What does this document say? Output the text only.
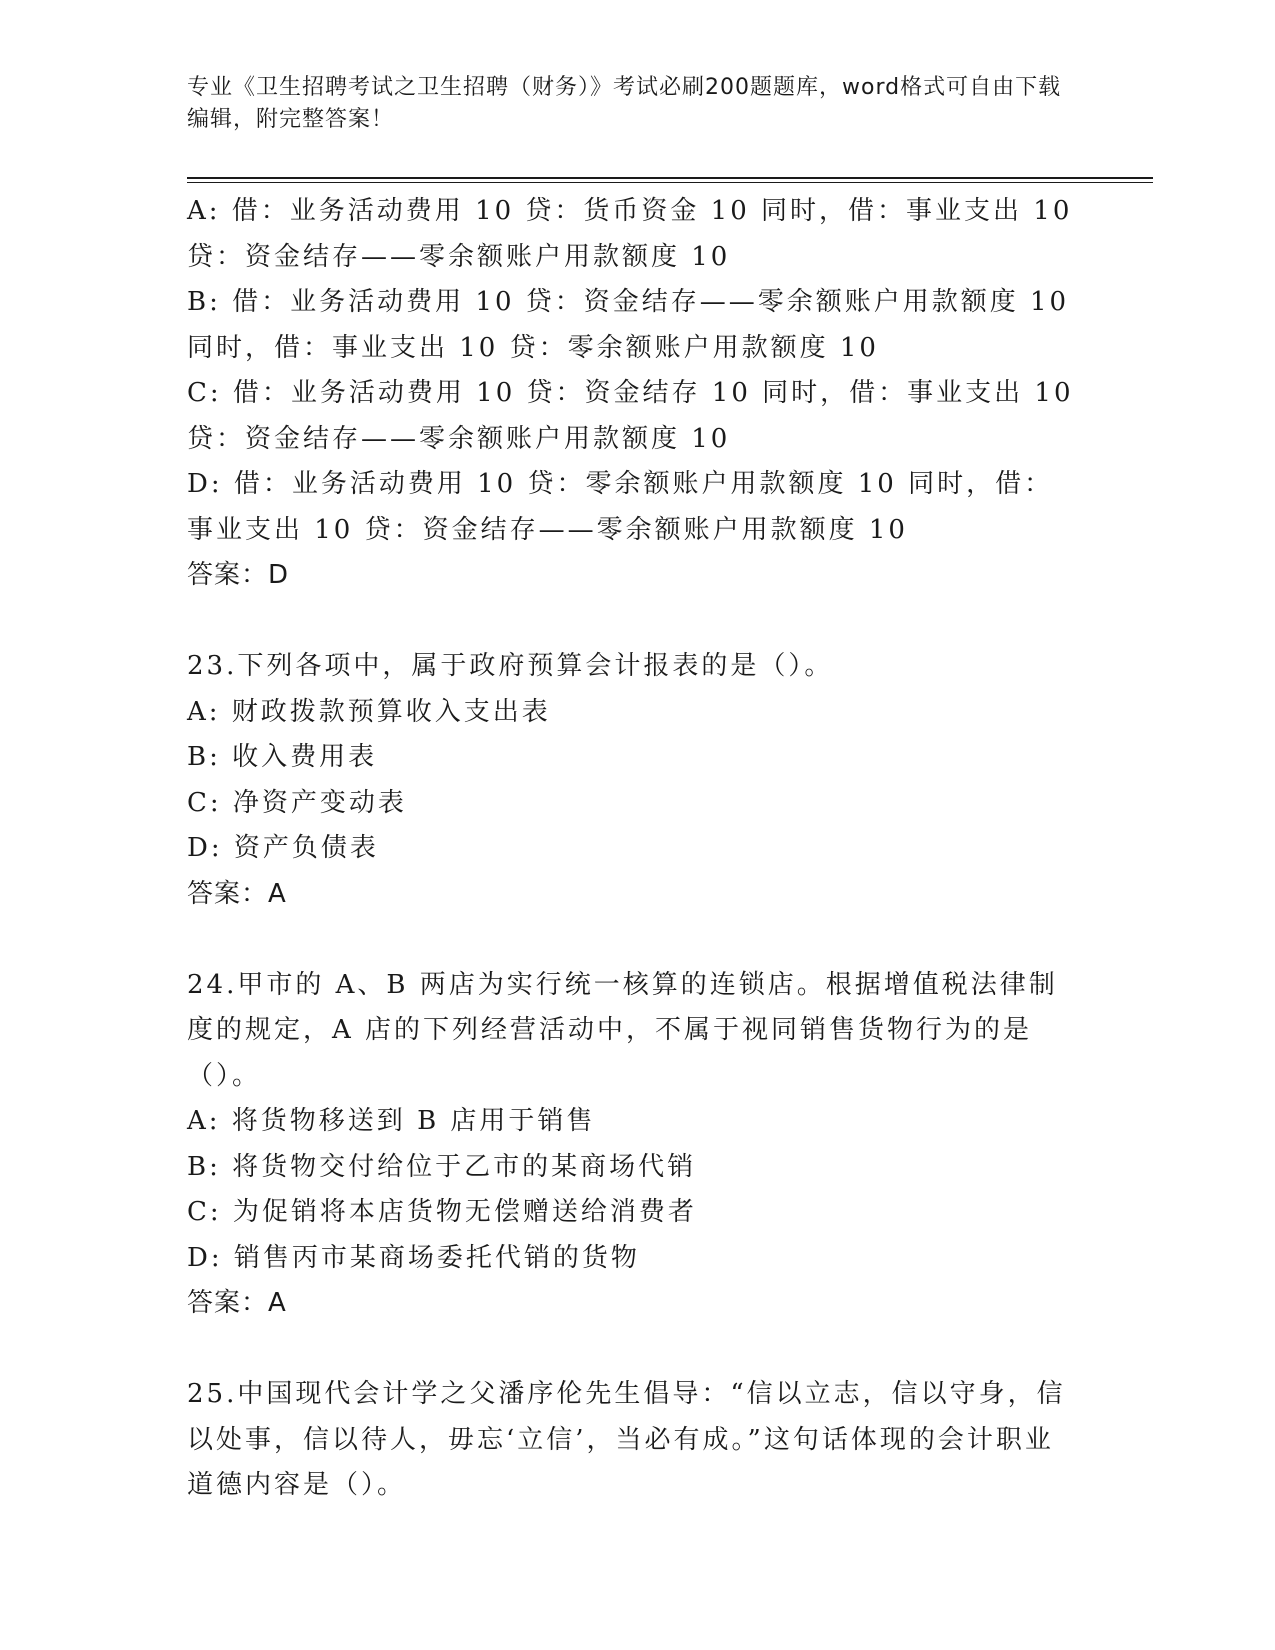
专业《卫生招聘考试之卫生招聘（财务）》考试必刷200题题库，word格式可自由下载编辑，附完整答案！

A: 借：业务活动费用 10 贷：货币资金 10 同时，借：事业支出 10 贷：资金结存——零余额账户用款额度 10

B: 借：业务活动费用 10 贷：资金结存——零余额账户用款额度 10 同时，借：事业支出 10 贷：零余额账户用款额度 10

C: 借：业务活动费用 10 贷：资金结存 10 同时，借：事业支出 10 贷：资金结存——零余额账户用款额度 10

D: 借：业务活动费用 10 贷：零余额账户用款额度 10 同时，借：事业支出 10 贷：资金结存——零余额账户用款额度 10

答案：D

23.下列各项中，属于政府预算会计报表的是（）。

A: 财政拨款预算收入支出表

B: 收入费用表

C: 净资产变动表

D: 资产负债表

答案：A

24.甲市的 A、B 两店为实行统一核算的连锁店。根据增值税法律制度的规定，A 店的下列经营活动中，不属于视同销售货物行为的是（）。

A: 将货物移送到 B 店用于销售

B: 将货物交付给位于乙市的某商场代销

C: 为促销将本店货物无偿赠送给消费者

D: 销售丙市某商场委托代销的货物

答案：A

25.中国现代会计学之父潘序伦先生倡导：“信以立志，信以守身，信以处事，信以待人，毋忘‘立信’，当必有成。”这句话体现的会计职业道德内容是（）。
